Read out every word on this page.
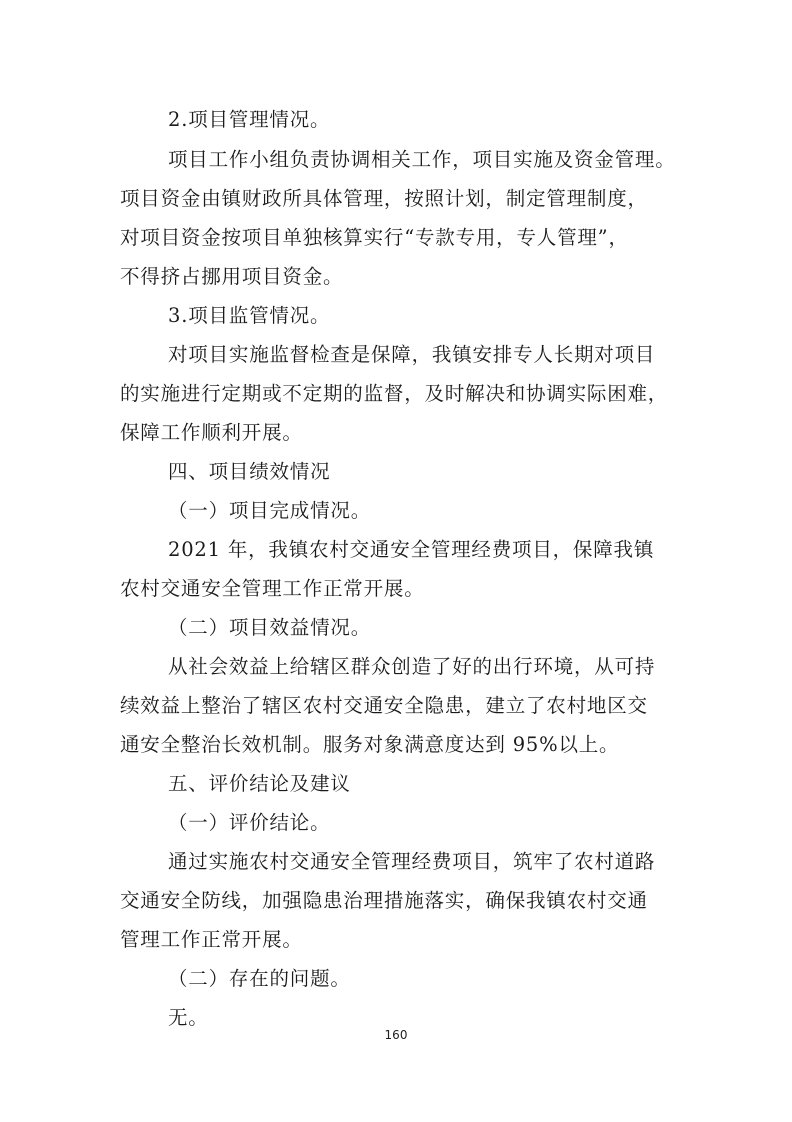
2.项目管理情况。
项目工作小组负责协调相关工作，项目实施及资金管理。
项目资金由镇财政所具体管理，按照计划，制定管理制度，
对项目资金按项目单独核算实行“专款专用，专人管理”，
不得挤占挪用项目资金。
3.项目监管情况。
对项目实施监督检查是保障，我镇安排专人长期对项目
的实施进行定期或不定期的监督，及时解决和协调实际困难，
保障工作顺利开展。
四、项目绩效情况
（一）项目完成情况。
2021 年，我镇农村交通安全管理经费项目，保障我镇
农村交通安全管理工作正常开展。
（二）项目效益情况。
从社会效益上给辖区群众创造了好的出行环境，从可持
续效益上整治了辖区农村交通安全隐患，建立了农村地区交
通安全整治长效机制。服务对象满意度达到 95%以上。
五、评价结论及建议
（一）评价结论。
通过实施农村交通安全管理经费项目，筑牢了农村道路
交通安全防线，加强隐患治理措施落实，确保我镇农村交通
管理工作正常开展。
（二）存在的问题。
无。
160
